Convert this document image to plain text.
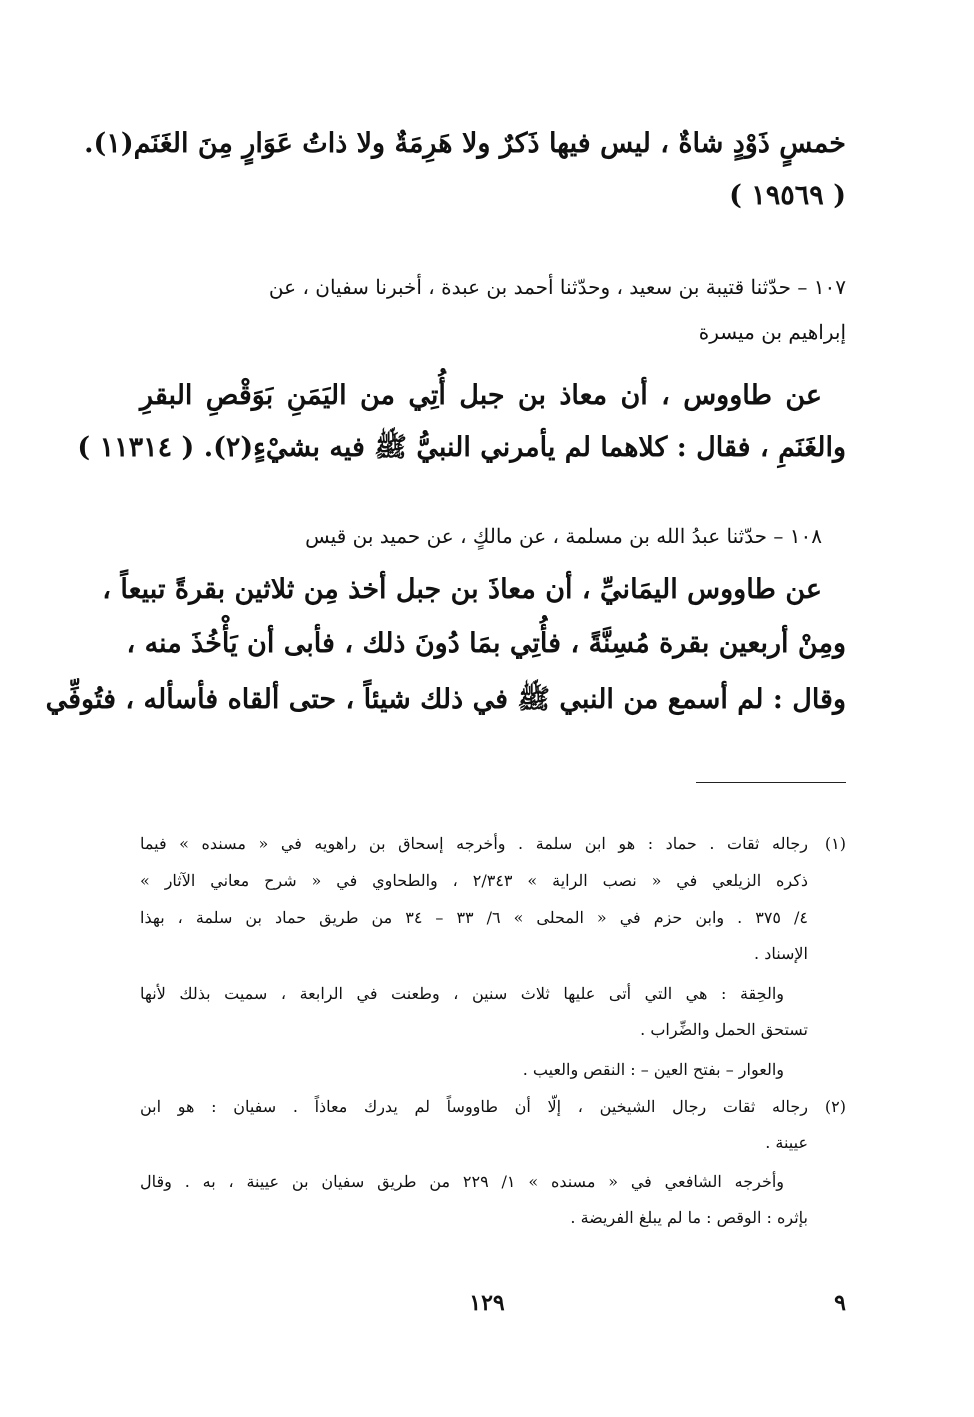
خمسٍ ذَوْدٍ شاةٌ ، ليس فيها ذَكرٌ ولا هَرِمَةٌ ولا ذاتُ عَوَارٍ مِنَ الغَنَم(١).
( ١٩٥٦٩ )
١٠٧ – حدّثنا قتيبة بن سعيد ، وحدّثنا أحمد بن عبدة ، أخبرنا سفيان ، عن
إبراهيم بن ميسرة
عن طاووس ، أن معاذ بن جبل أُتِي من اليَمَنِ بَوَقْصِ البقرِ
والغَنَمِ ، فقال : كلاهما لم يأمرني النبيُّ ﷺ فيه بشيْءٍ(٢). ( ١١٣١٤ )
١٠٨ – حدّثنا عبدُ الله بن مسلمة ، عن مالكٍ ، عن حميد بن قيس
عن طاووس اليمَانيِّ ، أن معاذَ بن جبل أخذ مِن ثلاثين بقرةً تبيعاً ،
ومِنْ أربعين بقرة مُسِنَّةً ، فأُتِي بمَا دُونَ ذلك ، فأبى أن يَأْخُذَ منه ،
وقال : لم أسمع من النبي ﷺ في ذلك شيئاً ، حتى ألقاه فأسأله ، فتُوفِّي
(١)
رجاله ثقات . حماد : هو ابن سلمة . وأخرجه إسحاق بن راهويه في « مسنده » فيما
ذكره الزيلعي في « نصب الراية » ٢/٣٤٣ ، والطحاوي في « شرح معاني الآثار »
٤/ ٣٧٥ . وابن حزم في « المحلى » ٦/ ٣٣ – ٣٤ من طريق حماد بن سلمة ، بهذا
الإسناد .
والحِقة : هي التي أتى عليها ثلاث سنين ، وطعنت في الرابعة ، سميت بذلك لأنها
تستحق الحمل والضِّراب .
والعوار – بفتح العين – : النقص والعيب .
(٢)
رجاله ثقات رجال الشيخين ، إلّا أن طاووساً لم يدرك معاذاً . سفيان : هو ابن
عيينة .
وأخرجه الشافعي في « مسنده » ١/ ٢٢٩ من طريق سفيان بن عيينة ، به . وقال
بإثره : الوقص : ما لم يبلغ الفريضة .
١٢٩	٩
